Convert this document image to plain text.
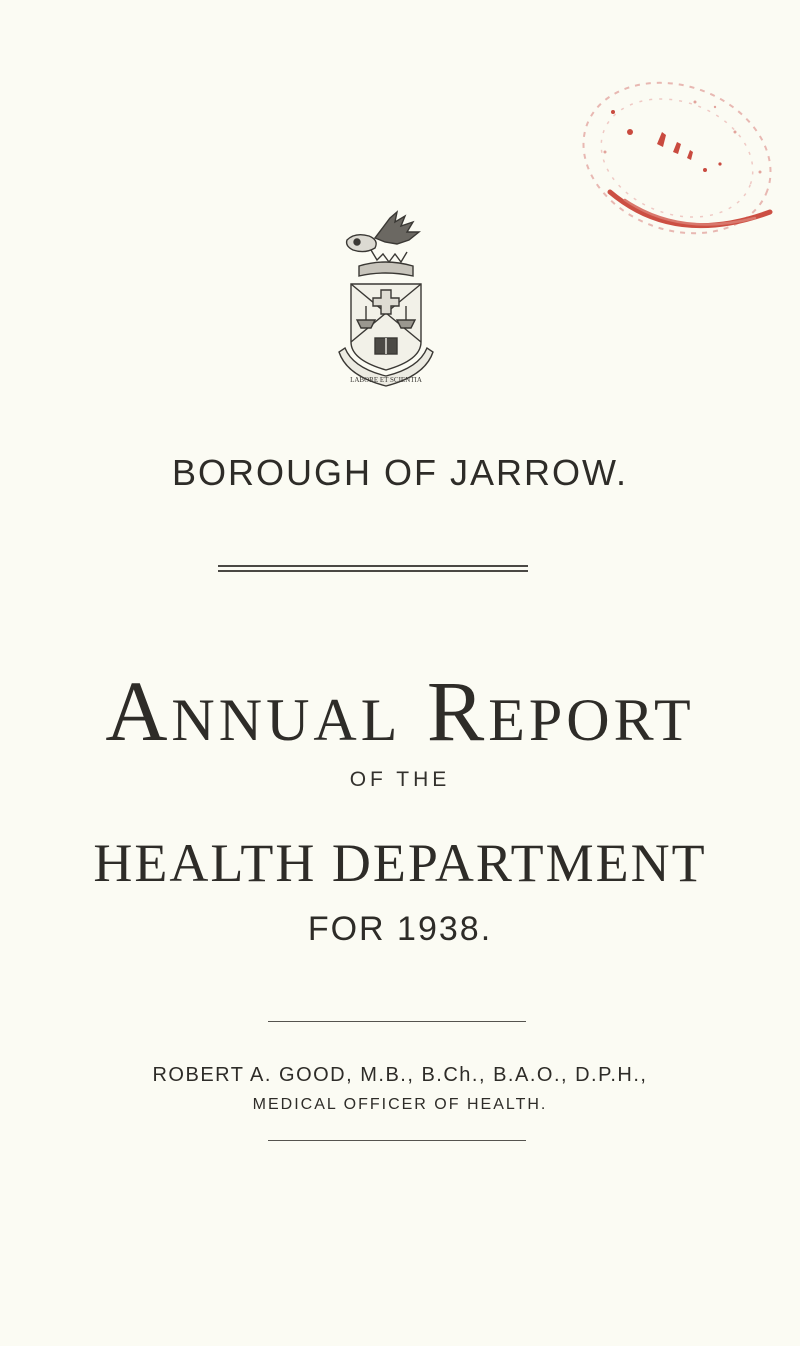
LABORE ET SCIENTIA
BOROUGH OF JARROW.
Annual Report
OF THE
HEALTH DEPARTMENT
FOR 1938.
ROBERT A. GOOD, M.B., B.Ch., B.A.O., D.P.H.,
MEDICAL OFFICER OF HEALTH.
